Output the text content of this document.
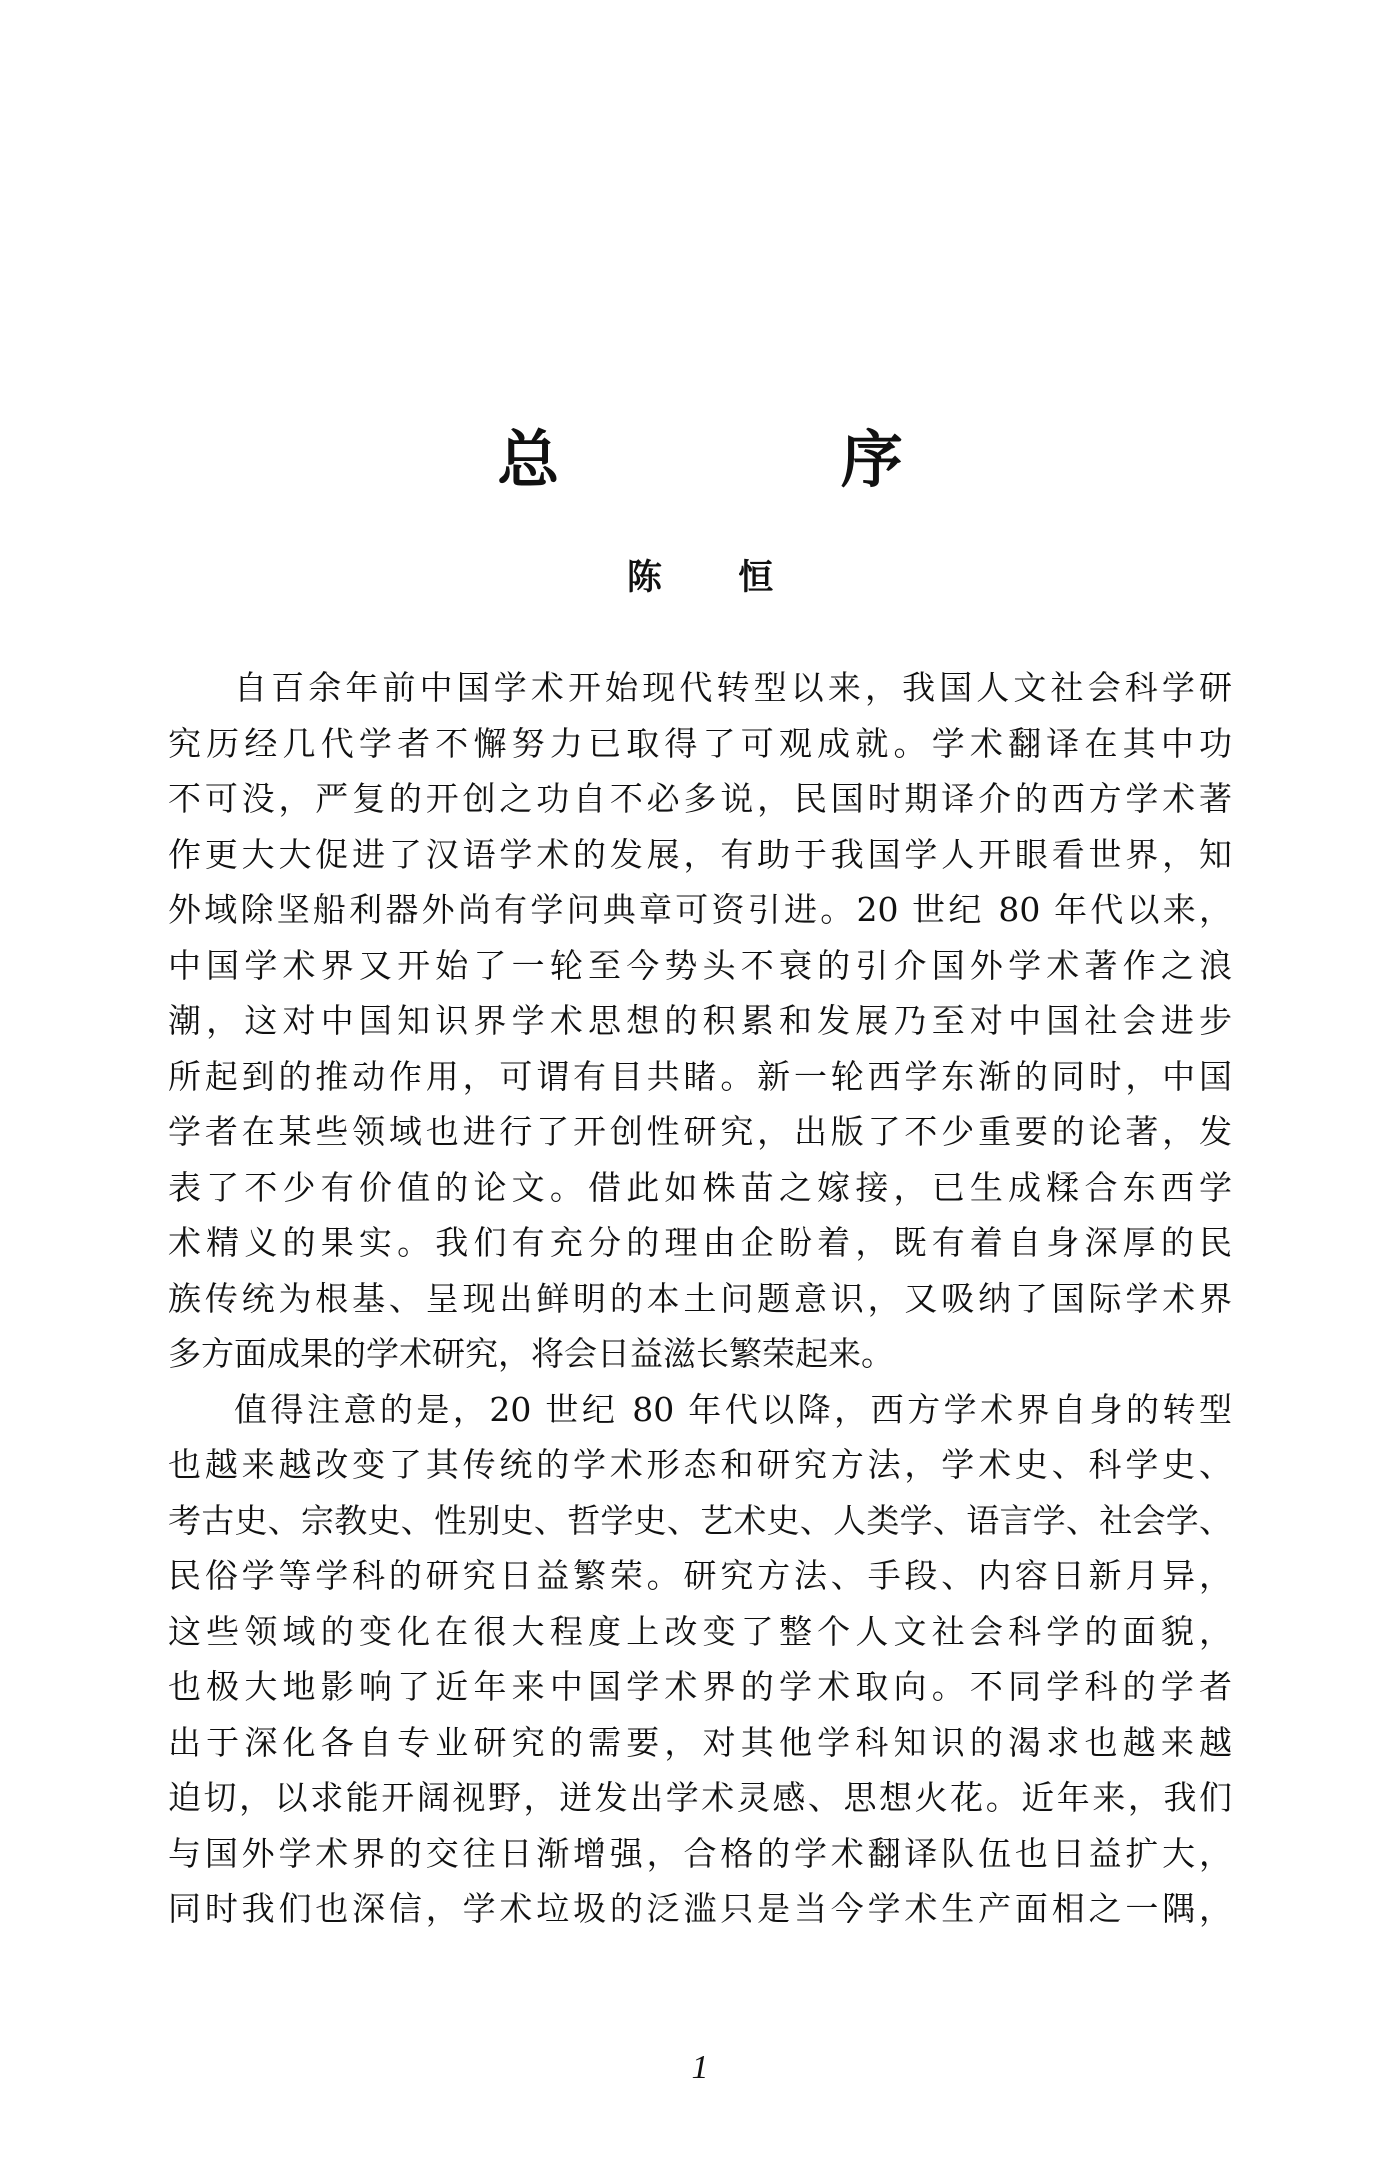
总 序
陈 恒
自百余年前中国学术开始现代转型以来，我国人文社会科学研
究历经几代学者不懈努力已取得了可观成就。学术翻译在其中功
不可没，严复的开创之功自不必多说，民国时期译介的西方学术著
作更大大促进了汉语学术的发展，有助于我国学人开眼看世界，知
外域除坚船利器外尚有学问典章可资引进。20 世纪 80 年代以来，
中国学术界又开始了一轮至今势头不衰的引介国外学术著作之浪
潮，这对中国知识界学术思想的积累和发展乃至对中国社会进步
所起到的推动作用，可谓有目共睹。新一轮西学东渐的同时，中国
学者在某些领域也进行了开创性研究，出版了不少重要的论著，发
表了不少有价值的论文。借此如株苗之嫁接，已生成糅合东西学
术精义的果实。我们有充分的理由企盼着，既有着自身深厚的民
族传统为根基、呈现出鲜明的本土问题意识，又吸纳了国际学术界
多方面成果的学术研究，将会日益滋长繁荣起来。
值得注意的是，20 世纪 80 年代以降，西方学术界自身的转型
也越来越改变了其传统的学术形态和研究方法，学术史、科学史、
考古史、宗教史、性别史、哲学史、艺术史、人类学、语言学、社会学、
民俗学等学科的研究日益繁荣。研究方法、手段、内容日新月异，
这些领域的变化在很大程度上改变了整个人文社会科学的面貌，
也极大地影响了近年来中国学术界的学术取向。不同学科的学者
出于深化各自专业研究的需要，对其他学科知识的渴求也越来越
迫切，以求能开阔视野，迸发出学术灵感、思想火花。近年来，我们
与国外学术界的交往日渐增强，合格的学术翻译队伍也日益扩大，
同时我们也深信，学术垃圾的泛滥只是当今学术生产面相之一隅，
1
